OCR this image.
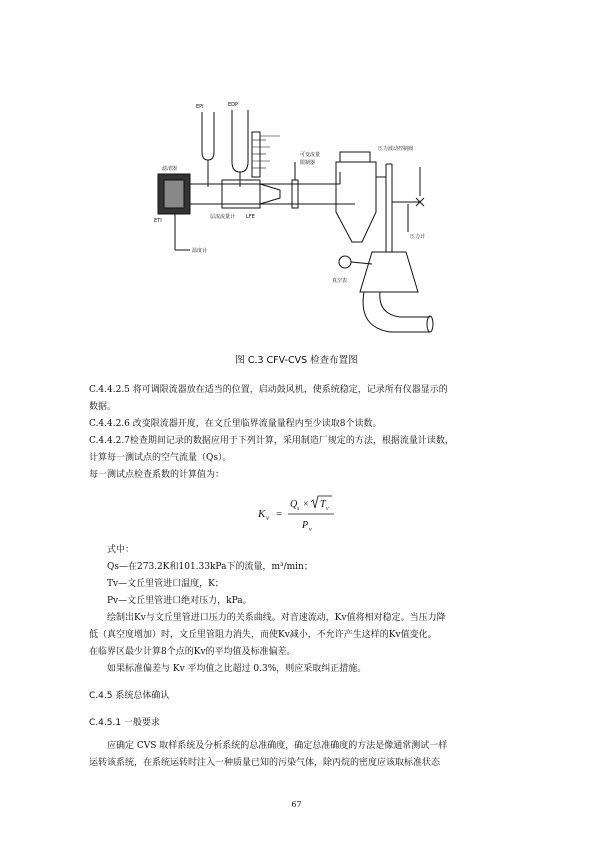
EPI	EDP
滤清器
可变流量
限制器
压力波动控制阀
ETI
层流流量计 LFE
温度计
真空表
压力计
图 C.3 CFV-CVS 检查布置图
C.4.4.2.5 将可调限流器放在适当的位置，启动鼓风机，使系统稳定，记录所有仪器显示的
数据。
C.4.4.2.6 改变限流器开度，在文丘里临界流量量程内至少读取8个读数。
C.4.4.2.7检查期间记录的数据应用于下列计算，采用制造厂规定的方法，根据流量计读数，
计算每一测试点的空气流量（Qs）。
每一测试点检查系数的计算值为：
K v =
Q s × T v
P v
式中：
Qs—在273.2K和101.33kPa下的流量，m³/min；
Tv—文丘里管进口温度，K；
Pv—文丘里管进口绝对压力，kPa。
绘制出Kv与文丘里管进口压力的关系曲线。对音速流动，Kv值将相对稳定。当压力降
低（真空度增加）时，文丘里管阻力消失，而使Kv减小，不允许产生这样的Kv值变化。
在临界区最少计算8个点的Kv的平均值及标准偏差。
如果标准偏差与 Kv 平均值之比超过 0.3%，则应采取纠正措施。
C.4.5 系统总体确认
C.4.5.1 一般要求
应确定 CVS 取样系统及分析系统的总准确度，确定总准确度的方法是像通常测试一样
运转该系统，在系统运转时注入一种质量已知的污染气体，除丙烷的密度应该取标准状态
67
